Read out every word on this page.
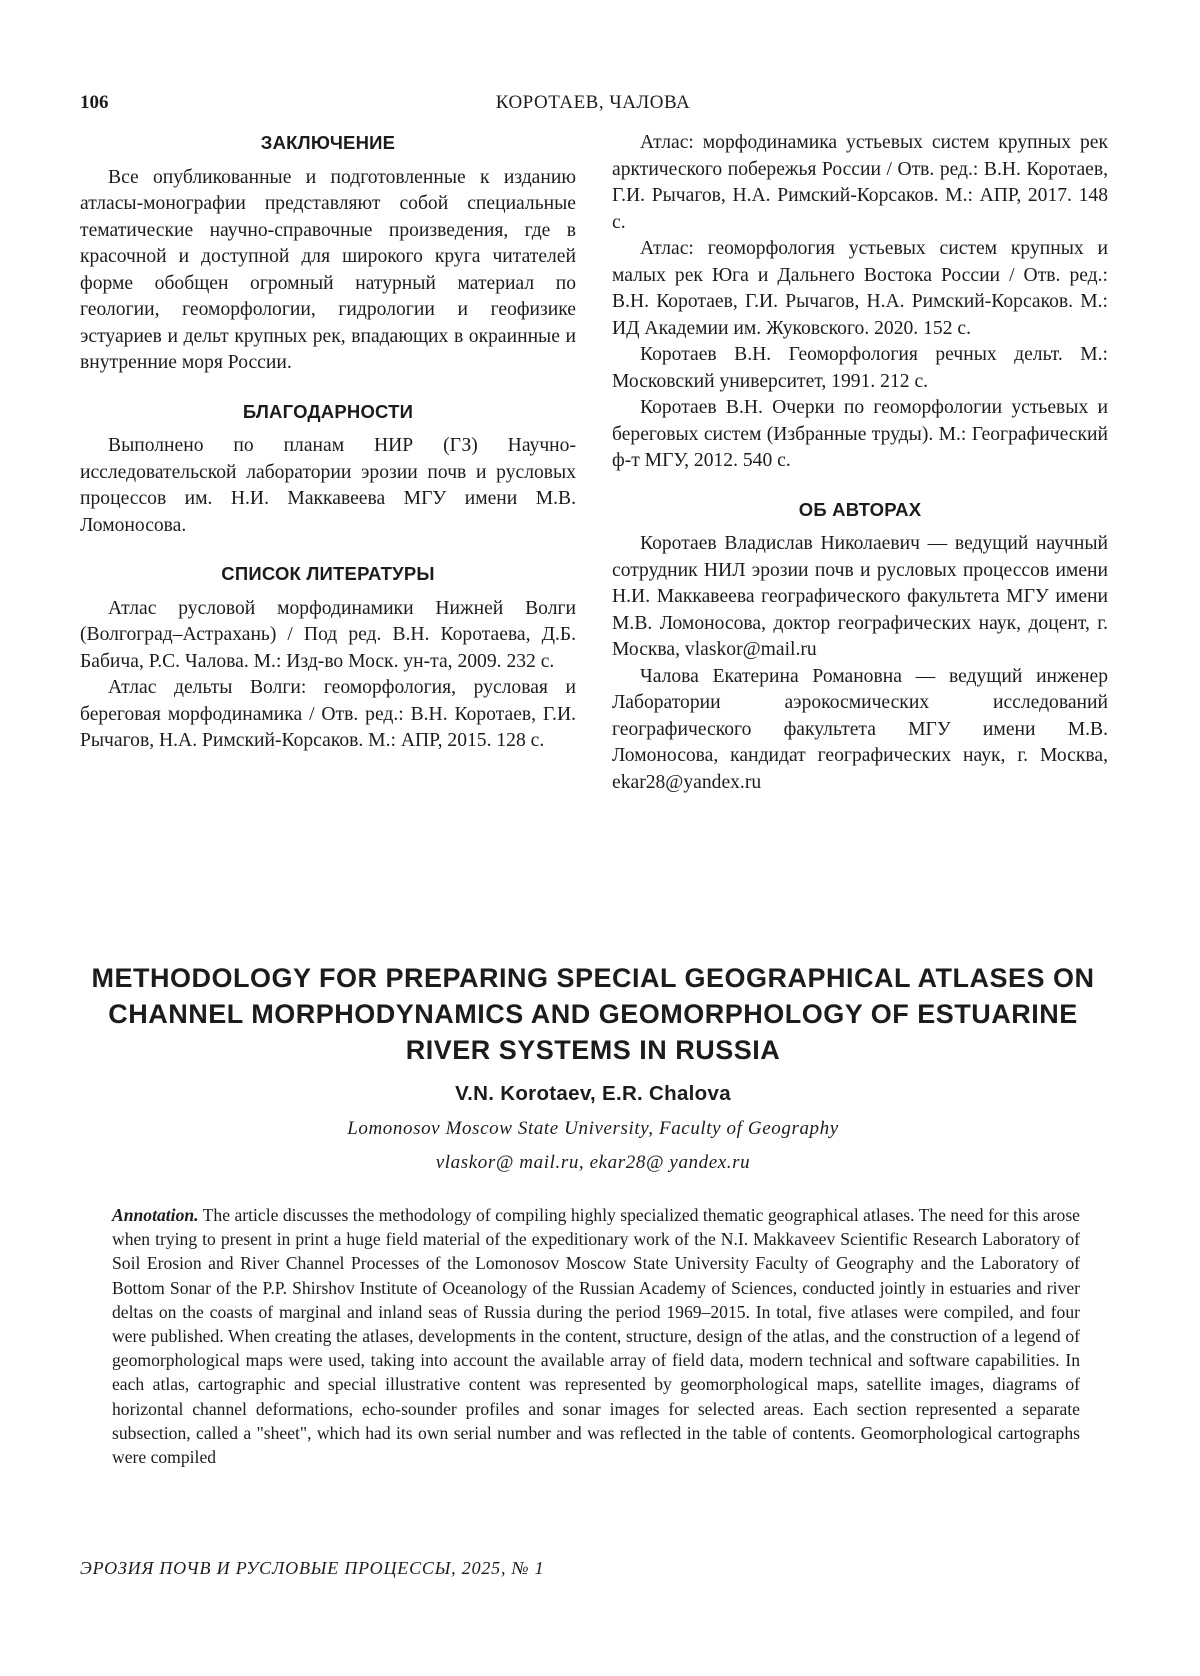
106	КОРОТАЕВ, ЧАЛОВА
ЗАКЛЮЧЕНИЕ

Все опубликованные и подготовленные к изданию атласы-монографии представляют собой специальные тематические научно-справочные произведения, где в красочной и доступной для широкого круга читателей форме обобщен огромный натурный материал по геологии, геоморфологии, гидрологии и геофизике эстуариев и дельт крупных рек, впадающих в окраинные и внутренние моря России.

БЛАГОДАРНОСТИ

Выполнено по планам НИР (ГЗ) Научно-исследовательской лаборатории эрозии почв и русловых процессов им. Н.И. Маккавеева МГУ имени М.В. Ломоносова.

СПИСОК ЛИТЕРАТУРЫ

Атлас русловой морфодинамики Нижней Волги (Волгоград–Астрахань) / Под ред. В.Н. Коротаева, Д.Б. Бабича, Р.С. Чалова. М.: Изд-во Моск. ун-та, 2009. 232 с.

Атлас дельты Волги: геоморфология, русловая и береговая морфодинамика / Отв. ред.: В.Н. Коротаев, Г.И. Рычагов, Н.А. Римский-Корсаков. М.: АПР, 2015. 128 с.

Атлас: морфодинамика устьевых систем крупных рек арктического побережья России / Отв. ред.: В.Н. Коротаев, Г.И. Рычагов, Н.А. Римский-Корсаков. М.: АПР, 2017. 148 с.

Атлас: геоморфология устьевых систем крупных и малых рек Юга и Дальнего Востока России / Отв. ред.: В.Н. Коротаев, Г.И. Рычагов, Н.А. Римский-Корсаков. М.: ИД Академии им. Жуковского. 2020. 152 с.

Коротаев В.Н. Геоморфология речных дельт. М.: Московский университет, 1991. 212 с.

Коротаев В.Н. Очерки по геоморфологии устьевых и береговых систем (Избранные труды). М.: Географический ф-т МГУ, 2012. 540 с.

ОБ АВТОРАХ

Коротаев Владислав Николаевич — ведущий научный сотрудник НИЛ эрозии почв и русловых процессов имени Н.И. Маккавеева географического факультета МГУ имени М.В. Ломоносова, доктор географических наук, доцент, г. Москва, vlaskor@mail.ru

Чалова Екатерина Романовна — ведущий инженер Лаборатории аэрокосмических исследований географического факультета МГУ имени М.В. Ломоносова, кандидат географических наук, г. Москва, ekar28@yandex.ru

METHODOLOGY FOR PREPARING SPECIAL GEOGRAPHICAL ATLASES ON CHANNEL MORPHODYNAMICS AND GEOMORPHOLOGY OF ESTUARINE RIVER SYSTEMS IN RUSSIA
V.N. Korotaev, E.R. Chalova
Lomonosov Moscow State University, Faculty of Geography
vlaskor@ mail.ru, ekar28@ yandex.ru

Annotation. The article discusses the methodology of compiling highly specialized thematic geographical atlases. The need for this arose when trying to present in print a huge field material of the expeditionary work of the N.I. Makkaveev Scientific Research Laboratory of Soil Erosion and River Channel Processes of the Lomonosov Moscow State University Faculty of Geography and the Laboratory of Bottom Sonar of the P.P. Shirshov Institute of Oceanology of the Russian Academy of Sciences, conducted jointly in estuaries and river deltas on the coasts of marginal and inland seas of Russia during the period 1969–2015. In total, five atlases were compiled, and four were published. When creating the atlases, developments in the content, structure, design of the atlas, and the construction of a legend of geomorphological maps were used, taking into account the available array of field data, modern technical and software capabilities. In each atlas, cartographic and special illustrative content was represented by geomorphological maps, satellite images, diagrams of horizontal channel deformations, echo-sounder profiles and sonar images for selected areas. Each section represented a separate subsection, called a "sheet", which had its own serial number and was reflected in the table of contents. Geomorphological cartographs were compiled

ЭРОЗИЯ ПОЧВ И РУСЛОВЫЕ ПРОЦЕССЫ, 2025, № 1
